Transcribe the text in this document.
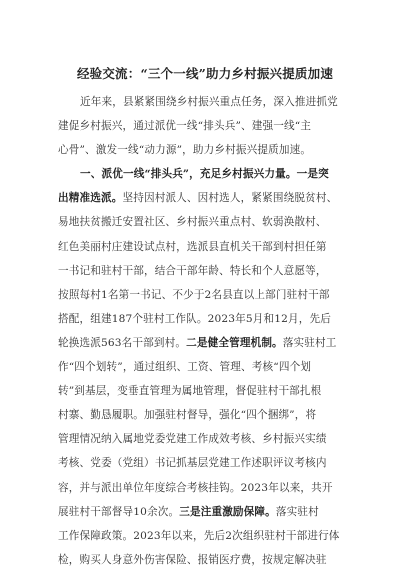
经验交流：“三个一线”助力乡村振兴提质加速
近年来，县紧紧围绕乡村振兴重点任务，深入推进抓党
建促乡村振兴，通过派优一线“排头兵”、建强一线“主
心骨”、激发一线“动力源”，助力乡村振兴提质加速。
一、派优一线“排头兵”，充足乡村振兴力量。一是突
出精准选派。坚持因村派人、因村选人，紧紧围绕脱贫村、
易地扶贫搬迁安置社区、乡村振兴重点村、软弱涣散村、
红色美丽村庄建设试点村，选派县直机关干部到村担任第
一书记和驻村干部，结合干部年龄、特长和个人意愿等，
按照每村1名第一书记、不少于2名县直以上部门驻村干部
搭配，组建187个驻村工作队。2023年5月和12月，先后
轮换选派563名干部到村。二是健全管理机制。落实驻村工
作“四个划转”，通过组织、工资、管理、考核“四个划
转”到基层，变垂直管理为属地管理，督促驻村干部扎根
村寨、勤恳履职。加强驻村督导，强化“四个捆绑”，将
管理情况纳入属地党委党建工作成效考核、乡村振兴实绩
考核、党委（党组）书记抓基层党建工作述职评议考核内
容，并与派出单位年度综合考核挂钩。2023年以来，共开
展驻村干部督导10余次。三是注重激励保障。落实驻村
工作保障政策。2023年以来，先后2次组织驻村干部进行体
检，购买人身意外伤害保险、报销医疗费，按规定解决驻
